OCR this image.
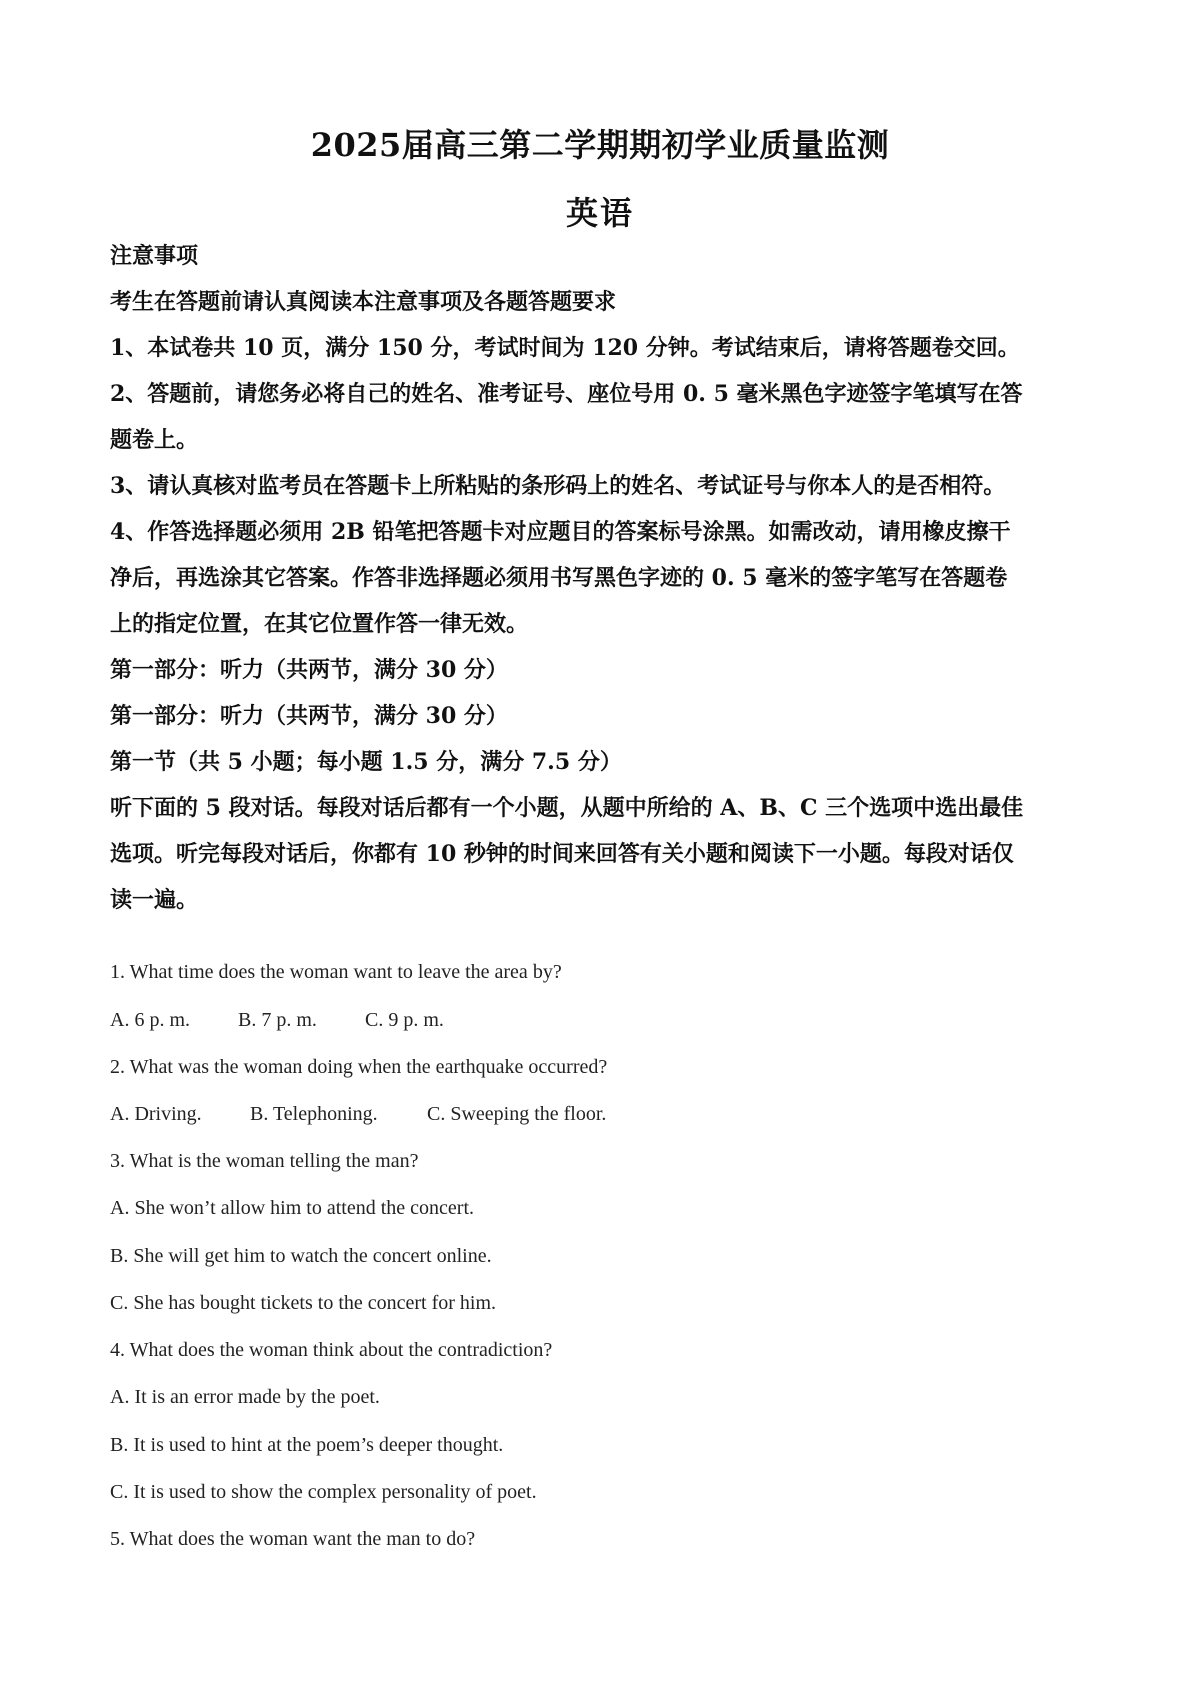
2025届高三第二学期期初学业质量监测
英语
注意事项
考生在答题前请认真阅读本注意事项及各题答题要求
1、本试卷共 10 页，满分 150 分，考试时间为 120 分钟。考试结束后，请将答题卷交回。
2、答题前，请您务必将自己的姓名、准考证号、座位号用 0. 5 毫米黑色字迹签字笔填写在答
题卷上。
3、请认真核对监考员在答题卡上所粘贴的条形码上的姓名、考试证号与你本人的是否相符。
4、作答选择题必须用 2B 铅笔把答题卡对应题目的答案标号涂黑。如需改动，请用橡皮擦干
净后，再选涂其它答案。作答非选择题必须用书写黑色字迹的 0. 5 毫米的签字笔写在答题卷
上的指定位置，在其它位置作答一律无效。
第一部分：听力（共两节，满分 30 分）
第一部分：听力（共两节，满分 30 分）
第一节（共 5 小题；每小题 1.5 分，满分 7.5 分）
听下面的 5 段对话。每段对话后都有一个小题，从题中所给的 A、B、C 三个选项中选出最佳
选项。听完每段对话后，你都有 10 秒钟的时间来回答有关小题和阅读下一小题。每段对话仅
读一遍。
1. What time does the woman want to leave the area by?
A. 6 p. m. B. 7 p. m. C. 9 p. m.
2. What was the woman doing when the earthquake occurred?
A. Driving. B. Telephoning. C. Sweeping the floor.
3. What is the woman telling the man?
A. She won’t allow him to attend the concert.
B. She will get him to watch the concert online.
C. She has bought tickets to the concert for him.
4. What does the woman think about the contradiction?
A. It is an error made by the poet.
B. It is used to hint at the poem’s deeper thought.
C. It is used to show the complex personality of poet.
5. What does the woman want the man to do?
